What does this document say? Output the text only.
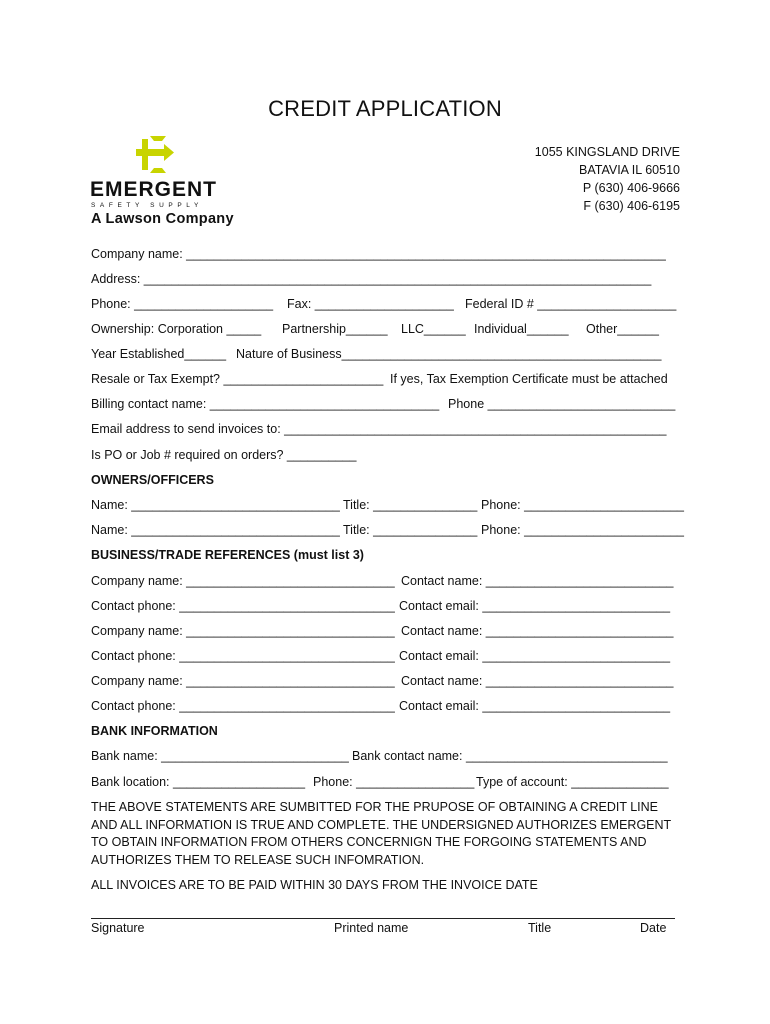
CREDIT APPLICATION
EMERGENT
SAFETY SUPPLY
A Lawson Company
1055 KINGSLAND DRIVE
BATAVIA IL 60510
P (630) 406-9666
F (630) 406-6195
Company name: _____________________________________________________________________
Address: _________________________________________________________________________
Phone: ____________________ Fax: ____________________ Federal ID # ____________________
Ownership: Corporation _____ Partnership______ LLC______ Individual______ Other______
Year Established______ Nature of Business______________________________________________
Resale or Tax Exempt? _______________________ If yes, Tax Exemption Certificate must be attached
Billing contact name: _________________________________ Phone ___________________________
Email address to send invoices to: _______________________________________________________
Is PO or Job # required on orders? __________
OWNERS/OFFICERS
Name: ______________________________ Title: _______________ Phone: _______________________
Name: ______________________________ Title: _______________ Phone: _______________________
BUSINESS/TRADE REFERENCES (must list 3)
Company name: ______________________________ Contact name: ___________________________
Contact phone: _______________________________ Contact email: ___________________________
Company name: ______________________________ Contact name: ___________________________
Contact phone: _______________________________ Contact email: ___________________________
Company name: ______________________________ Contact name: ___________________________
Contact phone: _______________________________ Contact email: ___________________________
BANK INFORMATION
Bank name: ___________________________ Bank contact name: _____________________________
Bank location: ___________________ Phone: _________________ Type of account: ______________
THE ABOVE STATEMENTS ARE SUMBITTED FOR THE PRUPOSE OF OBTAINING A CREDIT LINE AND ALL INFORMATION IS TRUE AND COMPLETE. THE UNDERSIGNED AUTHORIZES EMERGENT TO OBTAIN INFORMATION FROM OTHERS CONCERNIGN THE FORGOING STATEMENTS AND AUTHORIZES THEM TO RELEASE SUCH INFOMRATION.
ALL INVOICES ARE TO BE PAID WITHIN 30 DAYS FROM THE INVOICE DATE
Signature	Printed name	Title	Date
